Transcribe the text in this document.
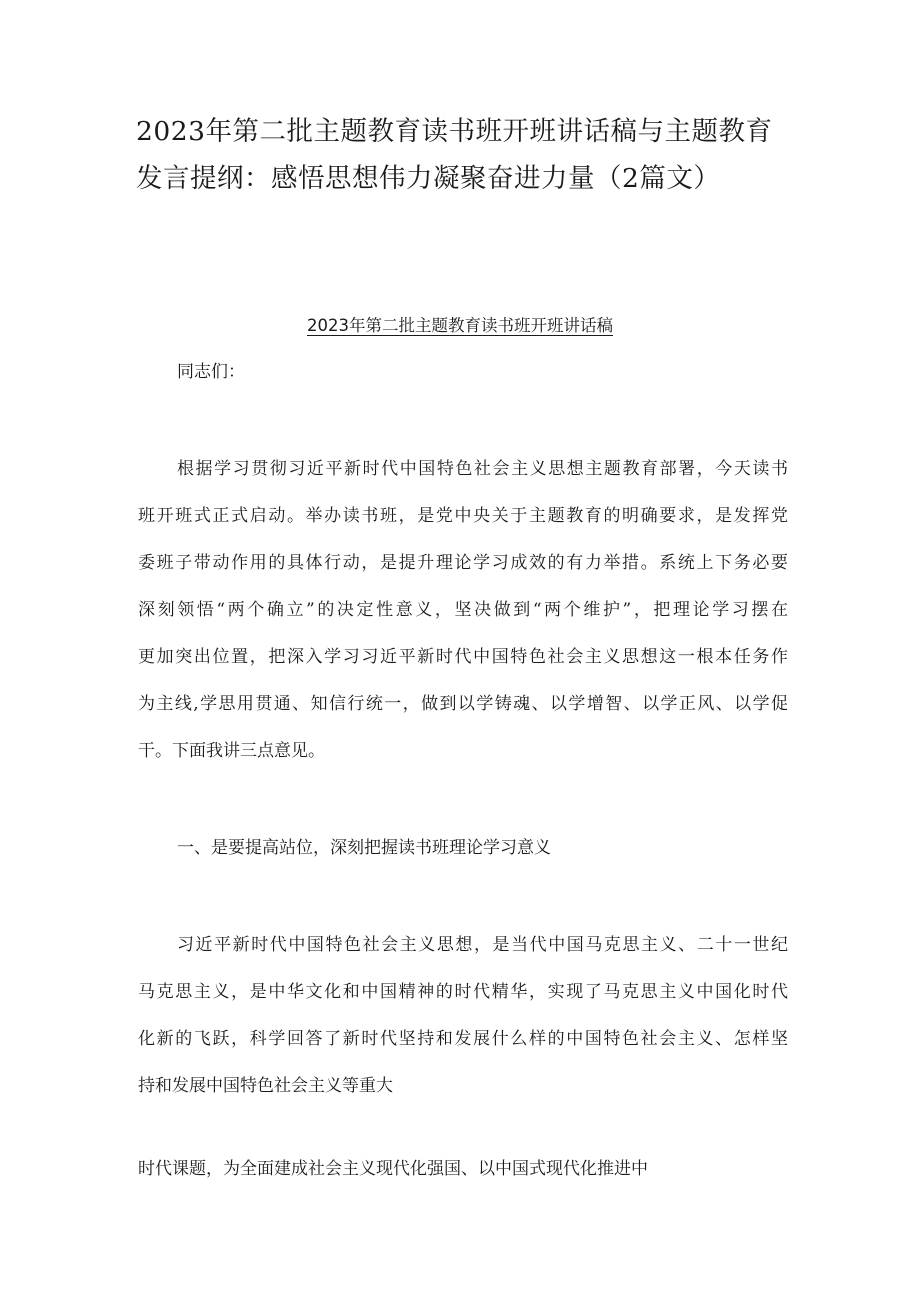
2023年第二批主题教育读书班开班讲话稿与主题教育
发言提纲：感悟思想伟力凝聚奋进力量（2篇文）
2023年第二批主题教育读书班开班讲话稿

同志们：

根据学习贯彻习近平新时代中国特色社会主义思想主题教育部署，今天读书

班开班式正式启动。举办读书班，是党中央关于主题教育的明确要求，是发挥党

委班子带动作用的具体行动，是提升理论学习成效的有力举措。系统上下务必要

深刻领悟“两个确立”的决定性意义，坚决做到“两个维护”，把理论学习摆在

更加突出位置，把深入学习习近平新时代中国特色社会主义思想这一根本任务作

为主线,学思用贯通、知信行统一，做到以学铸魂、以学增智、以学正风、以学促

干。下面我讲三点意见。

一、是要提高站位，深刻把握读书班理论学习意义

习近平新时代中国特色社会主义思想，是当代中国马克思主义、二十一世纪

马克思主义，是中华文化和中国精神的时代精华，实现了马克思主义中国化时代

化新的飞跃，科学回答了新时代坚持和发展什么样的中国特色社会主义、怎样坚

持和发展中国特色社会主义等重大

时代课题，为全面建成社会主义现代化强国、以中国式现代化推进中
